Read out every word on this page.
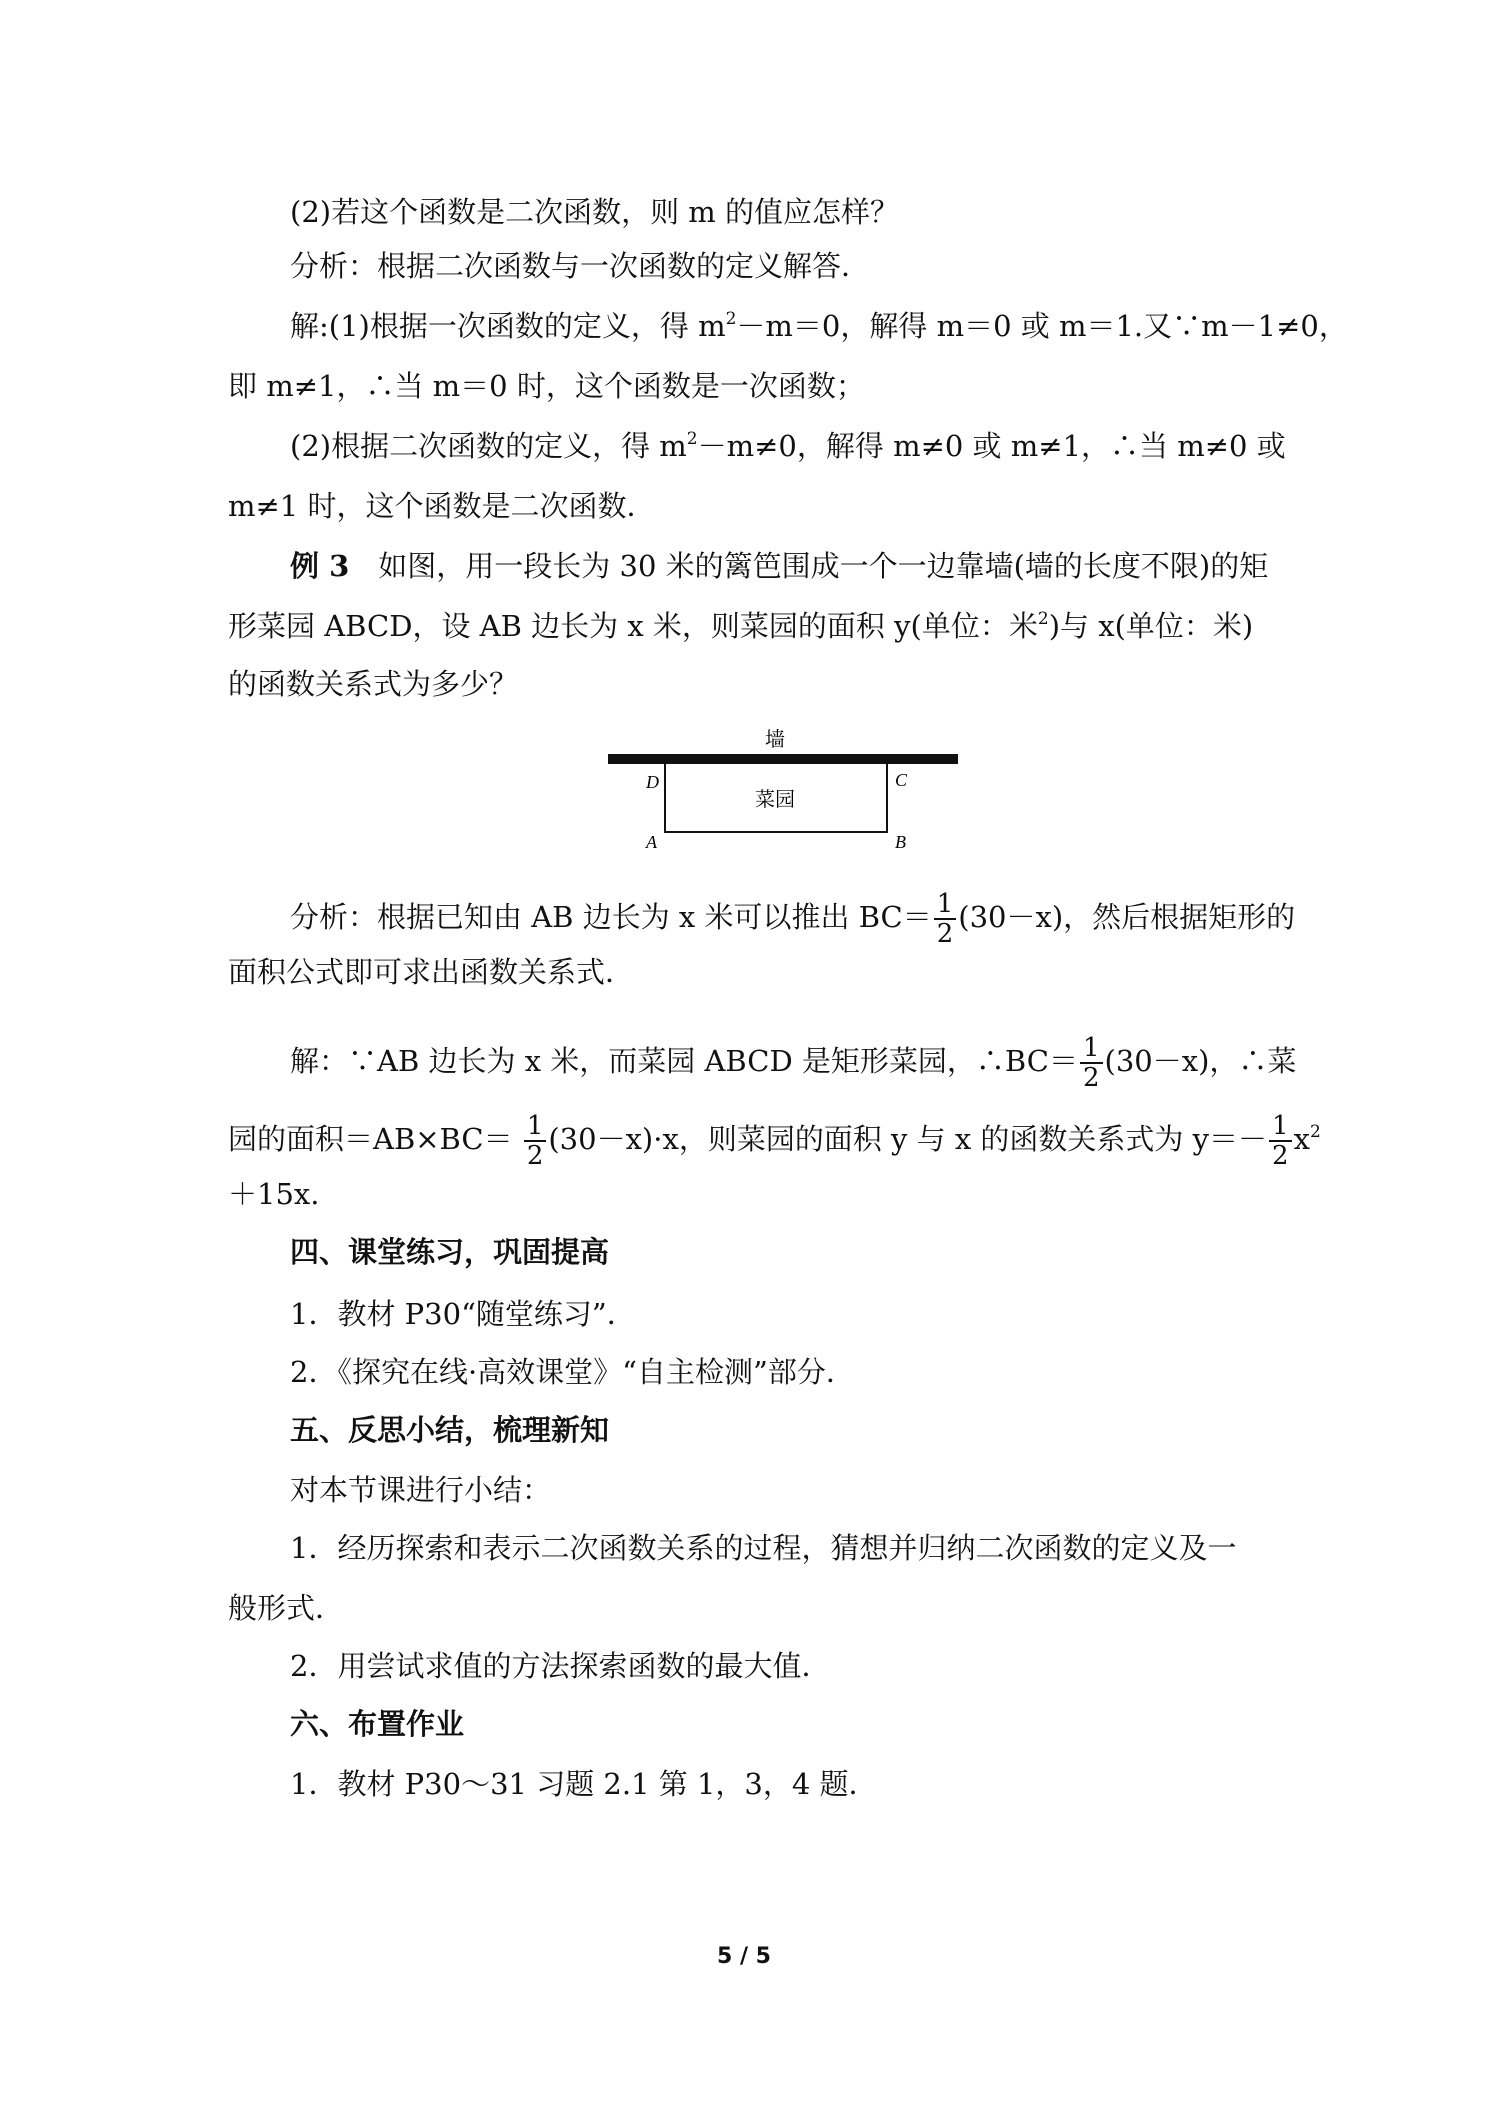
(2)若这个函数是二次函数，则 m 的值应怎样？
分析：根据二次函数与一次函数的定义解答．
解:(1)根据一次函数的定义，得 $m^2-m=0$，解得 m＝0 或 m＝1.又∵m－1≠0，
即 m≠1，∴当 m＝0 时，这个函数是一次函数；
(2)根据二次函数的定义，得 $m^2-m\ne 0$，解得 m≠0 或 m≠1，∴当 m≠0 或
m≠1 时，这个函数是二次函数．
例 3　如图，用一段长为 30 米的篱笆围成一个一边靠墙(墙的长度不限)的矩
形菜园 ABCD，设 AB 边长为 x 米，则菜园的面积 y(单位：米$^2$)与 x(单位：米)
的函数关系式为多少？
墙
菜园
D	C
A	B
分析：根据已知由 AB 边长为 x 米可以推出 $BC= \frac{1}{2} (30-x)$，然后根据矩形的
面积公式即可求出函数关系式．
解：∵AB 边长为 x 米，而菜园 ABCD 是矩形菜园，∴BC＝ $\frac{1}{2} (30-x)$，∴菜
园的面积$=AB\times BC= \frac{1}{2} (30-x)\cdot x$，则菜园的面积 y 与 x 的函数关系式为 $y=- \frac{1}{2} x^2$
＋15x.
四、课堂练习，巩固提高
1．教材 P30“随堂练习”．
2．《探究在线·高效课堂》“自主检测”部分．
五、反思小结，梳理新知
对本节课进行小结：
1．经历探索和表示二次函数关系的过程，猜想并归纳二次函数的定义及一
般形式．
2．用尝试求值的方法探索函数的最大值．
六、布置作业
1．教材 P30～31 习题 2.1 第 1，3，4 题．
5 / 5
